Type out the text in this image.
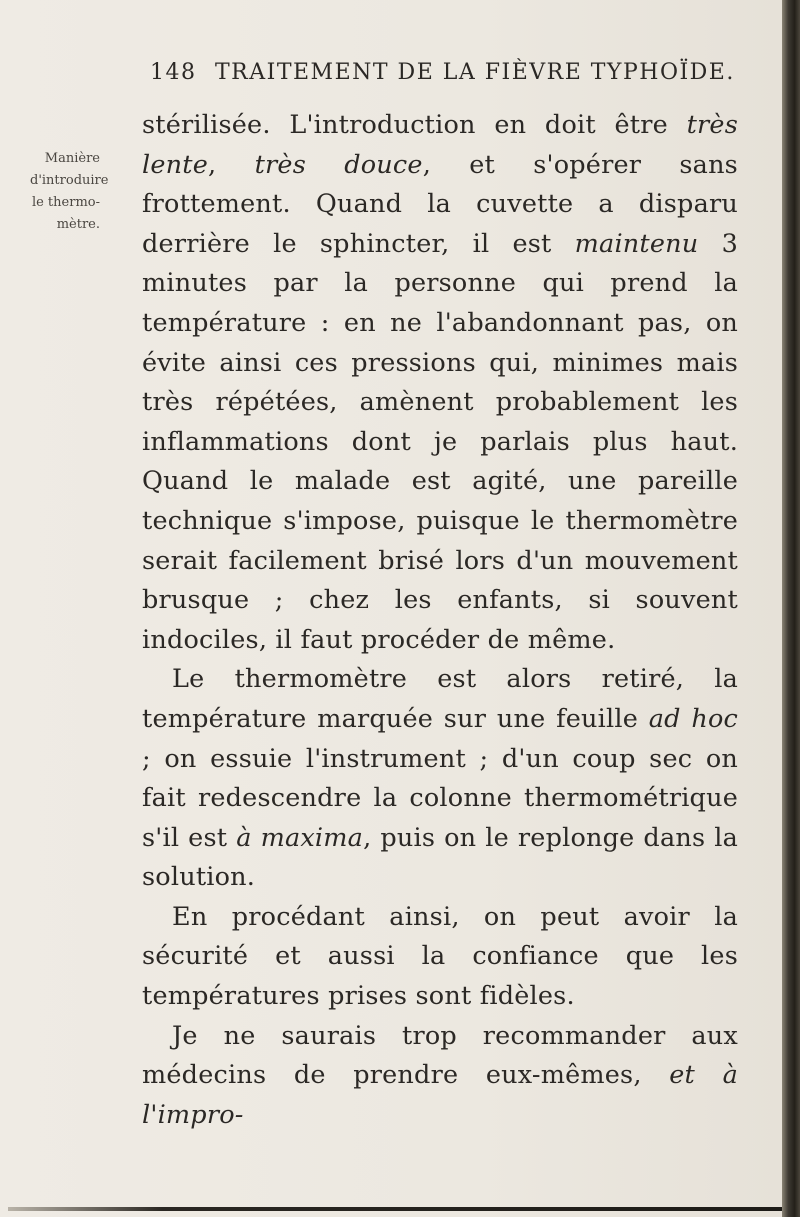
148 TRAITEMENT DE LA FIÈVRE TYPHOÏDE.
Manière
d'introduire
le thermo-
mètre.

stérilisée. L'introduction en doit être très lente, très douce, et s'opérer sans frottement. Quand la cuvette a disparu derrière le sphincter, il est maintenu 3 minutes par la personne qui prend la température : en ne l'abandonnant pas, on évite ainsi ces pressions qui, minimes mais très répétées, amènent probablement les inflammations dont je parlais plus haut. Quand le malade est agité, une pareille technique s'impose, puisque le thermomètre serait facilement brisé lors d'un mouvement brusque ; chez les enfants, si souvent indociles, il faut procéder de même.

Le thermomètre est alors retiré, la température marquée sur une feuille ad hoc ; on essuie l'instrument ; d'un coup sec on fait redescendre la colonne thermométrique s'il est à maxima, puis on le replonge dans la solution.

En procédant ainsi, on peut avoir la sécurité et aussi la confiance que les températures prises sont fidèles.

Je ne saurais trop recommander aux médecins de prendre eux-mêmes, et à l'impro-
